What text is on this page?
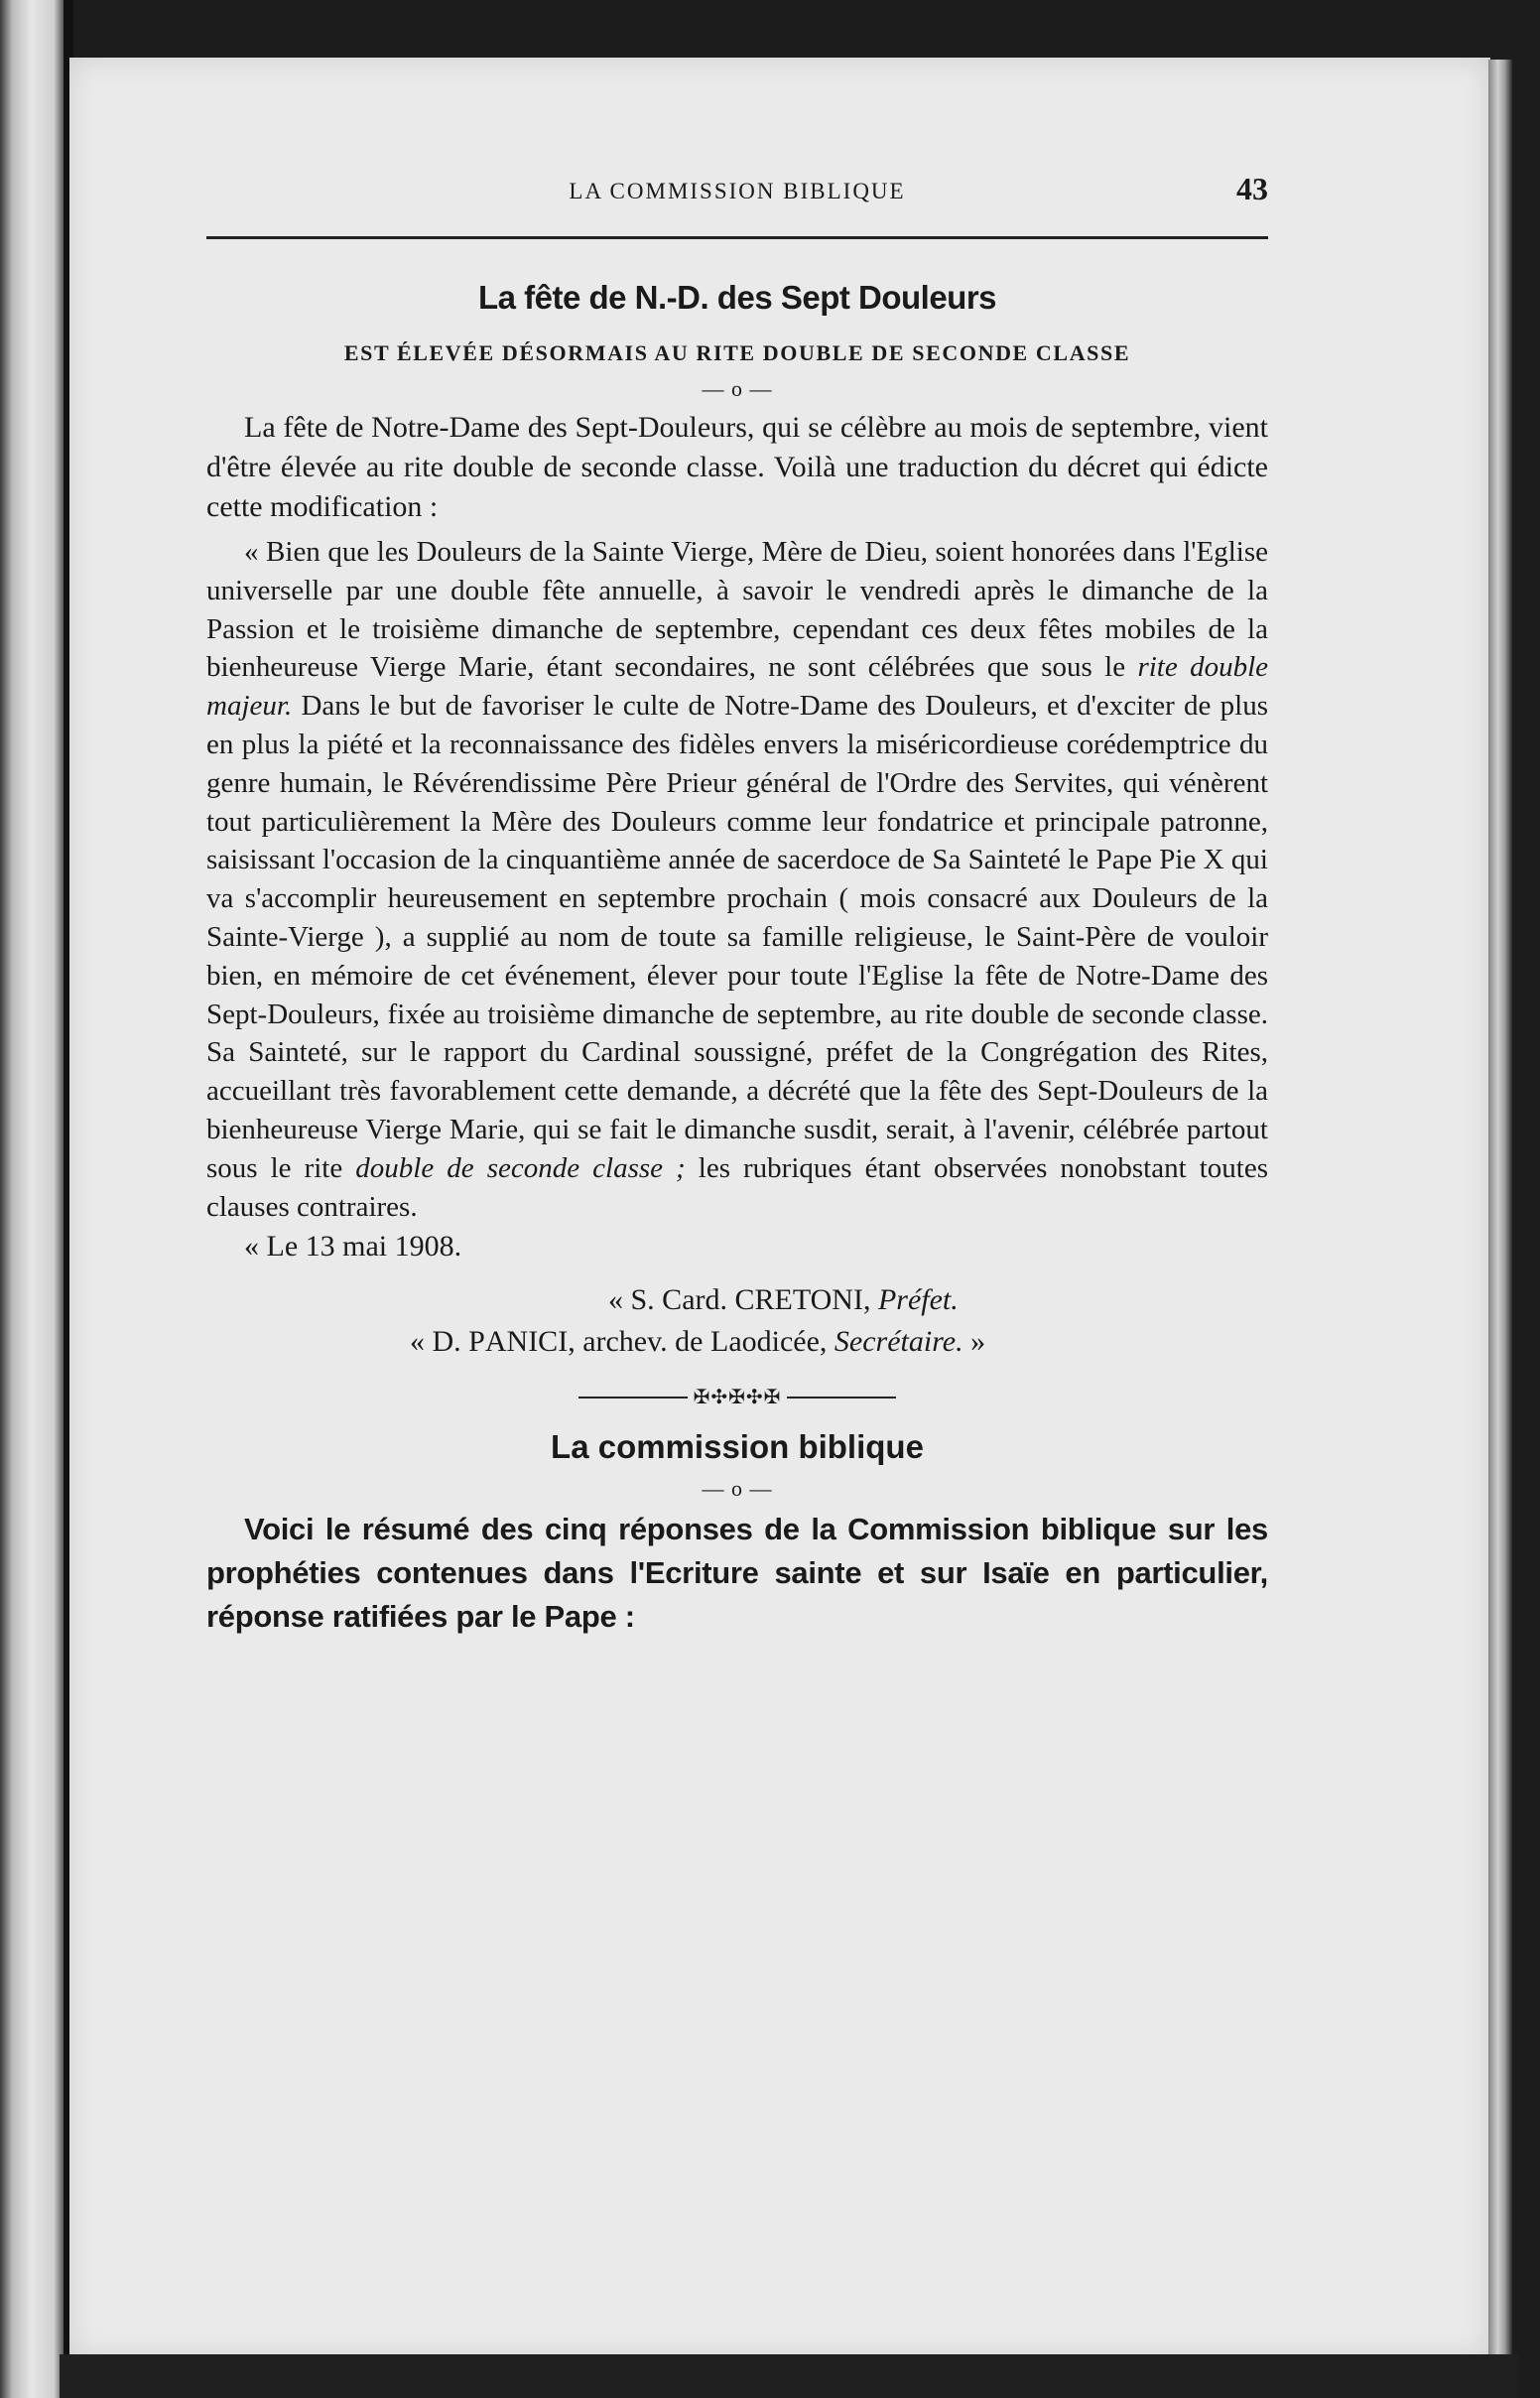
LA COMMISSION BIBLIQUE	43
La fête de N.-D. des Sept Douleurs
EST ÉLEVÉE DÉSORMAIS AU RITE DOUBLE DE SECONDE CLASSE
— o —

La fête de Notre-Dame des Sept-Douleurs, qui se célèbre au mois de septembre, vient d'être élevée au rite double de seconde classe. Voilà une traduction du décret qui édicte cette modification :

« Bien que les Douleurs de la Sainte Vierge, Mère de Dieu, soient honorées dans l'Eglise universelle par une double fête annuelle, à savoir le vendredi après le dimanche de la Passion et le troisième dimanche de septembre, cependant ces deux fêtes mobiles de la bienheureuse Vierge Marie, étant secondaires, ne sont célébrées que sous le rite double majeur. Dans le but de favoriser le culte de Notre-Dame des Douleurs, et d'exciter de plus en plus la piété et la reconnaissance des fidèles envers la miséricordieuse corédemptrice du genre humain, le Révérendissime Père Prieur général de l'Ordre des Servites, qui vénèrent tout particulièrement la Mère des Douleurs comme leur fondatrice et principale patronne, saisissant l'occasion de la cinquantième année de sacerdoce de Sa Sainteté le Pape Pie X qui va s'accomplir heureusement en septembre prochain ( mois consacré aux Douleurs de la Sainte-Vierge ), a supplié au nom de toute sa famille religieuse, le Saint-Père de vouloir bien, en mémoire de cet événement, élever pour toute l'Eglise la fête de Notre-Dame des Sept-Douleurs, fixée au troisième dimanche de septembre, au rite double de seconde classe. Sa Sainteté, sur le rapport du Cardinal soussigné, préfet de la Congrégation des Rites, accueillant très favorablement cette demande, a décrété que la fête des Sept-Douleurs de la bienheureuse Vierge Marie, qui se fait le dimanche susdit, serait, à l'avenir, célébrée partout sous le rite double de seconde classe ; les rubriques étant observées nonobstant toutes clauses contraires.

« Le 13 mai 1908.
« S. Card. CRETONI, Préfet.
« D. PANICI, archev. de Laodicée, Secrétaire. »
✠✣✠✣✠
La commission biblique
— o —

Voici le résumé des cinq réponses de la Commission biblique sur les prophéties contenues dans l'Ecriture sainte et sur Isaïe en particulier, réponse ratifiées par le Pape :
